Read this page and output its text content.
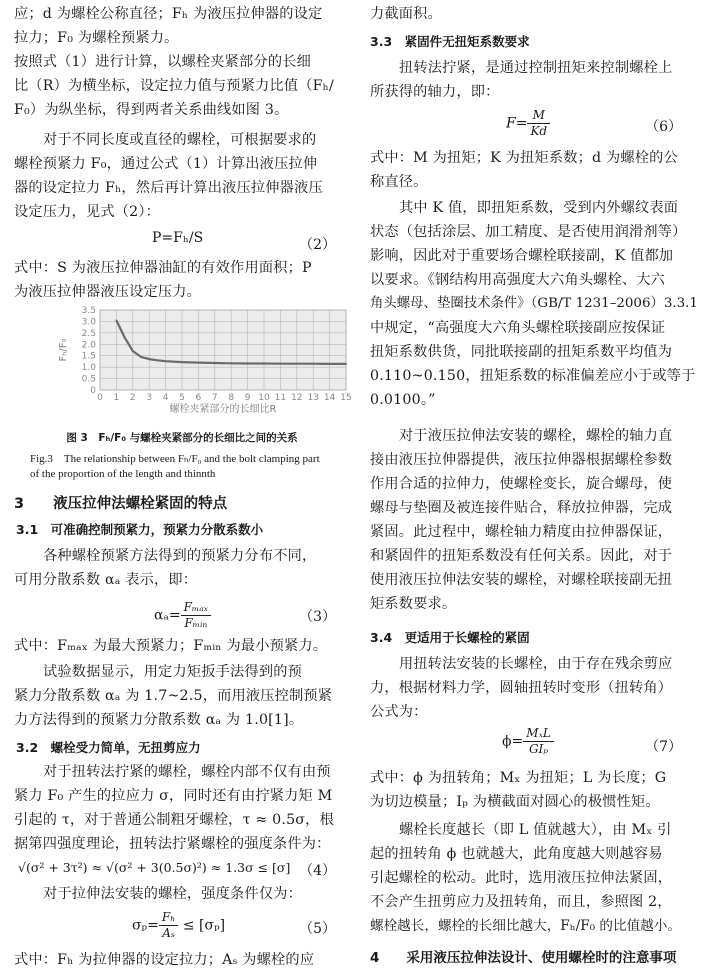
应；d 为螺栓公称直径；Fₕ 为液压拉伸器的设定
拉力；F₀ 为螺栓预紧力。
按照式（1）进行计算，以螺栓夹紧部分的长细
比（R）为横坐标，设定拉力值与预紧力比值（Fₕ/
F₀）为纵坐标，得到两者关系曲线如图 3。
对于不同长度或直径的螺栓，可根据要求的
螺栓预紧力 F₀，通过公式（1）计算出液压拉伸
器的设定拉力 Fₕ，然后再计算出液压拉伸器液压
设定压力，见式（2）：
P=Fₕ/S	（2）
式中：S 为液压拉伸器油缸的有效作用面积；P
为液压拉伸器液压设定压力。
0
0.5
1.0
1.5
2.0
2.5
3.0
3.5
0 1 2 3 4 5 6 7 8 9 10 11 12 13 14 15
螺栓夹紧部分的长细比R
Fₕ/F₀
图 3　Fₕ/F₀ 与螺栓夹紧部分的长细比之间的关系
Fig.3　The relationship between Fₕ/F₀ and the bolt clamping part of the proportion of the length and thinnth
3　　液压拉伸法螺栓紧固的特点
3.1　可准确控制预紧力，预紧力分散系数小
各种螺栓预紧方法得到的预紧力分布不同，
可用分散系数 αₐ 表示，即：
$\alpha_a= \frac{\text{Fₘₐₓ}}{\text{Fₘᵢₙ}}$	（3）
式中：Fₘₐₓ 为最大预紧力；Fₘᵢₙ 为最小预紧力。
试验数据显示，用定力矩扳手法得到的预
紧力分散系数 αₐ 为 1.7~2.5，而用液压控制预紧
力方法得到的预紧力分散系数 αₐ 为 1.0[1]。
3.2　螺栓受力简单，无扭剪应力
对于扭转法拧紧的螺栓，螺栓内部不仅有由预
紧力 F₀ 产生的拉应力 σ，同时还有由拧紧力矩 M
引起的 τ，对于普通公制粗牙螺栓，τ ≈ 0.5σ，根
据第四强度理论，扭转法拧紧螺栓的强度条件为：
√(σ² + 3τ²) ≈ √(σ² + 3(0.5σ)²) ≈ 1.3σ ≤ [σ] （4）
对于拉伸法安装的螺栓，强度条件仅为：
$\sigma_p= \frac{\text{Fₕ}}{\text{Aₛ}} \le [\sigma_p]$	（5）
式中：Fₕ 为拉伸器的设定拉力；Aₛ 为螺栓的应
力截面积。
3.3　紧固件无扭矩系数要求
扭转法拧紧，是通过控制扭矩来控制螺栓上
所获得的轴力，即：
$F= \frac{M}{Kd}$	（6）
式中：M 为扭矩；K 为扭矩系数；d 为螺栓的公
称直径。
其中 K 值，即扭矩系数，受到内外螺纹表面
状态（包括涂层、加工精度、是否使用润滑剂等）
影响，因此对于重要场合螺栓联接副，K 值都加
以要求。《钢结构用高强度大六角头螺栓、大六
角头螺母、垫圈技术条件》（GB/T 1231–2006）3.3.1
中规定，“高强度大六角头螺栓联接副应按保证
扭矩系数供货，同批联接副的扭矩系数平均值为
0.110~0.150，扭矩系数的标准偏差应小于或等于
0.0100。”
对于液压拉伸法安装的螺栓，螺栓的轴力直
接由液压拉伸器提供，液压拉伸器根据螺栓参数
作用合适的拉伸力，使螺栓变长，旋合螺母，使
螺母与垫圈及被连接件贴合，释放拉伸器，完成
紧固。此过程中，螺栓轴力精度由拉伸器保证，
和紧固件的扭矩系数没有任何关系。因此，对于
使用液压拉伸法安装的螺栓，对螺栓联接副无扭
矩系数要求。
3.4　更适用于长螺栓的紧固
用扭转法安装的长螺栓，由于存在残余剪应
力，根据材料力学，圆轴扭转时变形（扭转角）
公式为：
$\phi= \frac{\text{MₓL}}{\text{GIₚ}}$	（7）
式中：ϕ 为扭转角；Mₓ 为扭矩；L 为长度；G
为切边模量；Iₚ 为横截面对圆心的极惯性矩。
螺栓长度越长（即 L 值就越大），由 Mₓ 引
起的扭转角 ϕ 也就越大，此角度越大则越容易
引起螺栓的松动。此时，选用液压拉伸法紧固，
不会产生扭剪应力及扭转角，而且，参照图 2，
螺栓越长，螺栓的长细比越大，Fₕ/F₀ 的比值越小。
4　　采用液压拉伸法设计、使用螺栓时的注意事项
